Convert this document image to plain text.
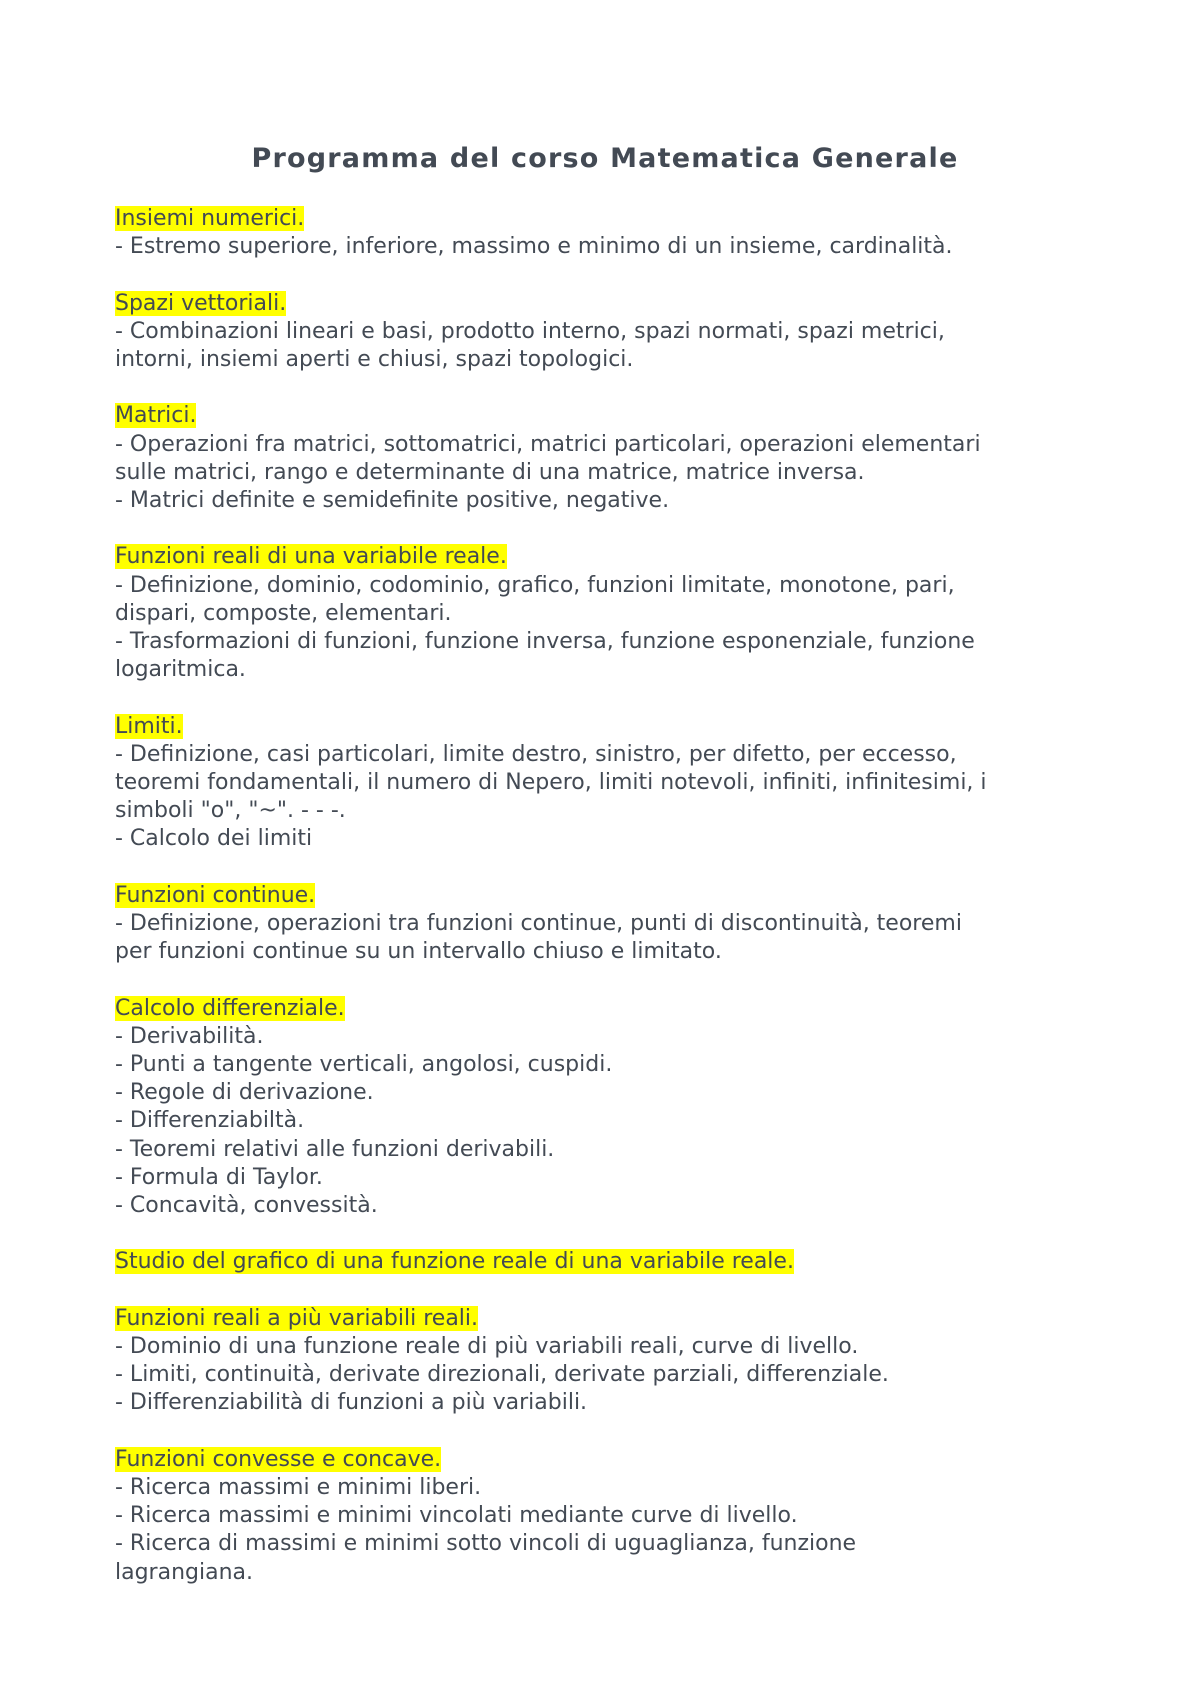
Programma del corso Matematica Generale
Insiemi numerici.
- Estremo superiore, inferiore, massimo e minimo di un insieme, cardinalità.
Spazi vettoriali.
- Combinazioni lineari e basi, prodotto interno, spazi normati, spazi metrici,
intorni, insiemi aperti e chiusi, spazi topologici.
Matrici.
- Operazioni fra matrici, sottomatrici, matrici particolari, operazioni elementari
sulle matrici, rango e determinante di una matrice, matrice inversa.
- Matrici definite e semidefinite positive, negative.
Funzioni reali di una variabile reale.
- Definizione, dominio, codominio, grafico, funzioni limitate, monotone, pari,
dispari, composte, elementari.
- Trasformazioni di funzioni, funzione inversa, funzione esponenziale, funzione
logaritmica.
Limiti.
- Definizione, casi particolari, limite destro, sinistro, per difetto, per eccesso,
teoremi fondamentali, il numero di Nepero, limiti notevoli, infiniti, infinitesimi, i
simboli "o", "~". - - -.
- Calcolo dei limiti
Funzioni continue.
- Definizione, operazioni tra funzioni continue, punti di discontinuità, teoremi
per funzioni continue su un intervallo chiuso e limitato.
Calcolo differenziale.
- Derivabilità.
- Punti a tangente verticali, angolosi, cuspidi.
- Regole di derivazione.
- Differenziabiltà.
- Teoremi relativi alle funzioni derivabili.
- Formula di Taylor.
- Concavità, convessità.
Studio del grafico di una funzione reale di una variabile reale.
Funzioni reali a più variabili reali.
- Dominio di una funzione reale di più variabili reali, curve di livello.
- Limiti, continuità, derivate direzionali, derivate parziali, differenziale.
- Differenziabilità di funzioni a più variabili.
Funzioni convesse e concave.
- Ricerca massimi e minimi liberi.
- Ricerca massimi e minimi vincolati mediante curve di livello.
- Ricerca di massimi e minimi sotto vincoli di uguaglianza, funzione
lagrangiana.
